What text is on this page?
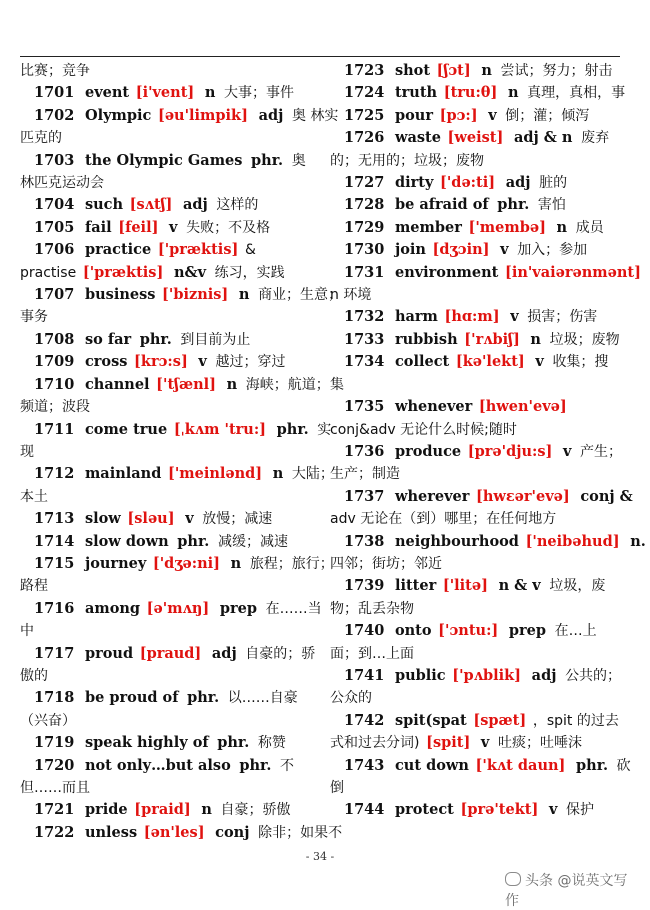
比赛；竞争
1701 event [i'vent] n 大事；事件
1702 Olympic [əu'limpik] adj 奥 林实
匹克的
1703 the Olympic Games phr. 奥
林匹克运动会
1704 such [sʌtʃ] adj 这样的
1705 fail [feil] v 失败；不及格
1706 practice ['præktis] &
practise ['præktis] n&v 练习，实践
1707 business ['biznis] n 商业；生意；
事务
1708 so far phr. 到目前为止
1709 cross [krɔ:s] v 越过；穿过
1710 channel ['tʃænl] n 海峡；航道；
频道；波段
1711 come true [ˌkʌm 'tru:] phr. 实
现
1712 mainland ['meinlənd] n 大陆；
本土
1713 slow [sləu] v 放慢；减速
1714 slow down phr. 减缓；减速
1715 journey ['dʒə:ni] n 旅程；旅行；
路程
1716 among [ə'mʌŋ] prep 在……当
中
1717 proud [praud] adj 自豪的；骄
傲的
1718 be proud of phr. 以……自豪
（兴奋）
1719 speak highly of phr. 称赞
1720 not only…but also phr. 不
但……而且
1721 pride [praid] n 自豪；骄傲
1722 unless [ən'les] conj 除非；如果不
1723 shot [ʃɔt] n 尝试；努力；射击
1724 truth [tru:θ] n 真理，真相，事
1725 pour [pɔ:] v 倒；灌；倾泻
1726 waste [weist] adj & n 废弃
的；无用的；垃圾；废物
1727 dirty ['də:ti] adj 脏的
1728 be afraid of phr. 害怕
1729 member ['membə] n 成员
1730 join [dʒɔin] v 加入；参加
1731 environment [in'vaiərənmənt]
n 环境
1732 harm [hɑ:m] v 损害；伤害
1733 rubbish ['rʌbiʃ] n 垃圾；废物
1734 collect [kə'lekt] v 收集；搜
集
1735 whenever [hwen'evə]
conj&adv 无论什么时候;随时
1736 produce [prə'dju:s] v 产生；
生产；制造
1737 wherever [hwɛər'evə] conj &
adv 无论在（到）哪里；在任何地方
1738 neighbourhood ['neibəhud] n.
四邻；街坊；邻近
1739 litter ['litə] n & v 垃圾，废
物；乱丢杂物
1740 onto ['ɔntu:] prep 在…上
面；到…上面
1741 public ['pʌblik] adj 公共的；
公众的
1742 spit(spat [spæt] ，spit 的过去
式和过去分词) [spit] v 吐痰；吐唾沫
1743 cut down ['kʌt daun] phr. 砍
倒
1744 protect [prə'tekt] v 保护
- 34 -
头条 @说英文写作
